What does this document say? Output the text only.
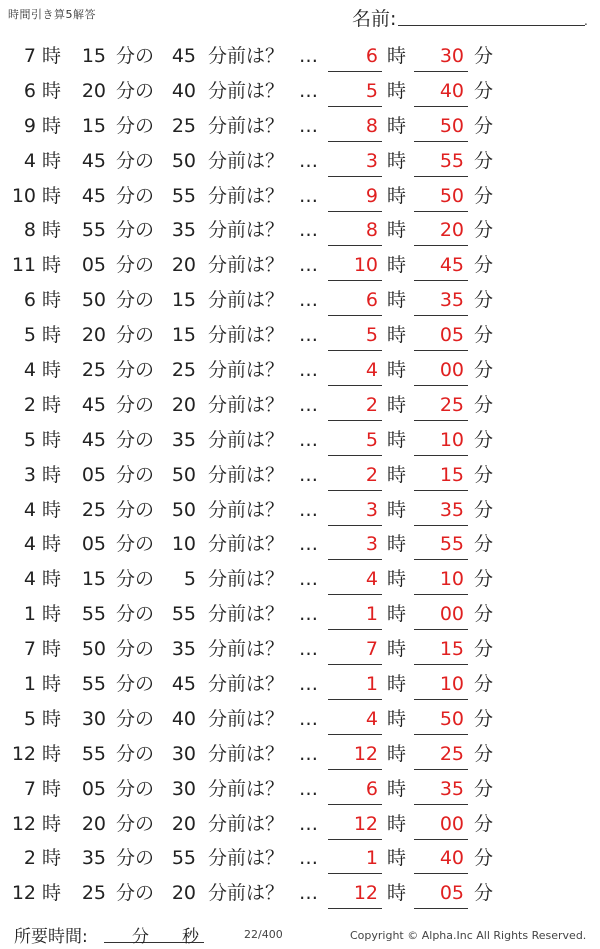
時間引き算5解答	名前:	.
7 時	15 分の 45 分前は？ …	6 時	30 分
6 時	20 分の 40 分前は？ …	5 時	40 分
9 時	15 分の 25 分前は？ …	8 時	50 分
4 時	45 分の 50 分前は？ …	3 時	55 分
10 時	45 分の 55 分前は？ …	9 時	50 分
8 時	55 分の 35 分前は？ …	8 時	20 分
11 時	05 分の 20 分前は？ …	10 時	45 分
6 時	50 分の 15 分前は？ …	6 時	35 分
5 時	20 分の 15 分前は？ …	5 時	05 分
4 時	25 分の 25 分前は？ …	4 時	00 分
2 時	45 分の 20 分前は？ …	2 時	25 分
5 時	45 分の 35 分前は？ …	5 時	10 分
3 時	05 分の 50 分前は？ …	2 時	15 分
4 時	25 分の 50 分前は？ …	3 時	35 分
4 時	05 分の 10 分前は？ …	3 時	55 分
4 時	15 分の	5 分前は？ …	4 時	10 分
1 時	55 分の 55 分前は？ …	1 時	00 分
7 時	50 分の 35 分前は？ …	7 時	15 分
1 時	55 分の 45 分前は？ …	1 時	10 分
5 時	30 分の 40 分前は？ …	4 時	50 分
12 時	55 分の 30 分前は？ …	12 時	25 分
7 時	05 分の 30 分前は？ …	6 時	35 分
12 時	20 分の 20 分前は？ …	12 時	00 分
2 時	35 分の 55 分前は？ …	1 時	40 分
12 時	25 分の 20 分前は？ …	12 時	05 分
所要時間:	分 秒	22/400	Copyright © Alpha.Inc All Rights Reserved.
